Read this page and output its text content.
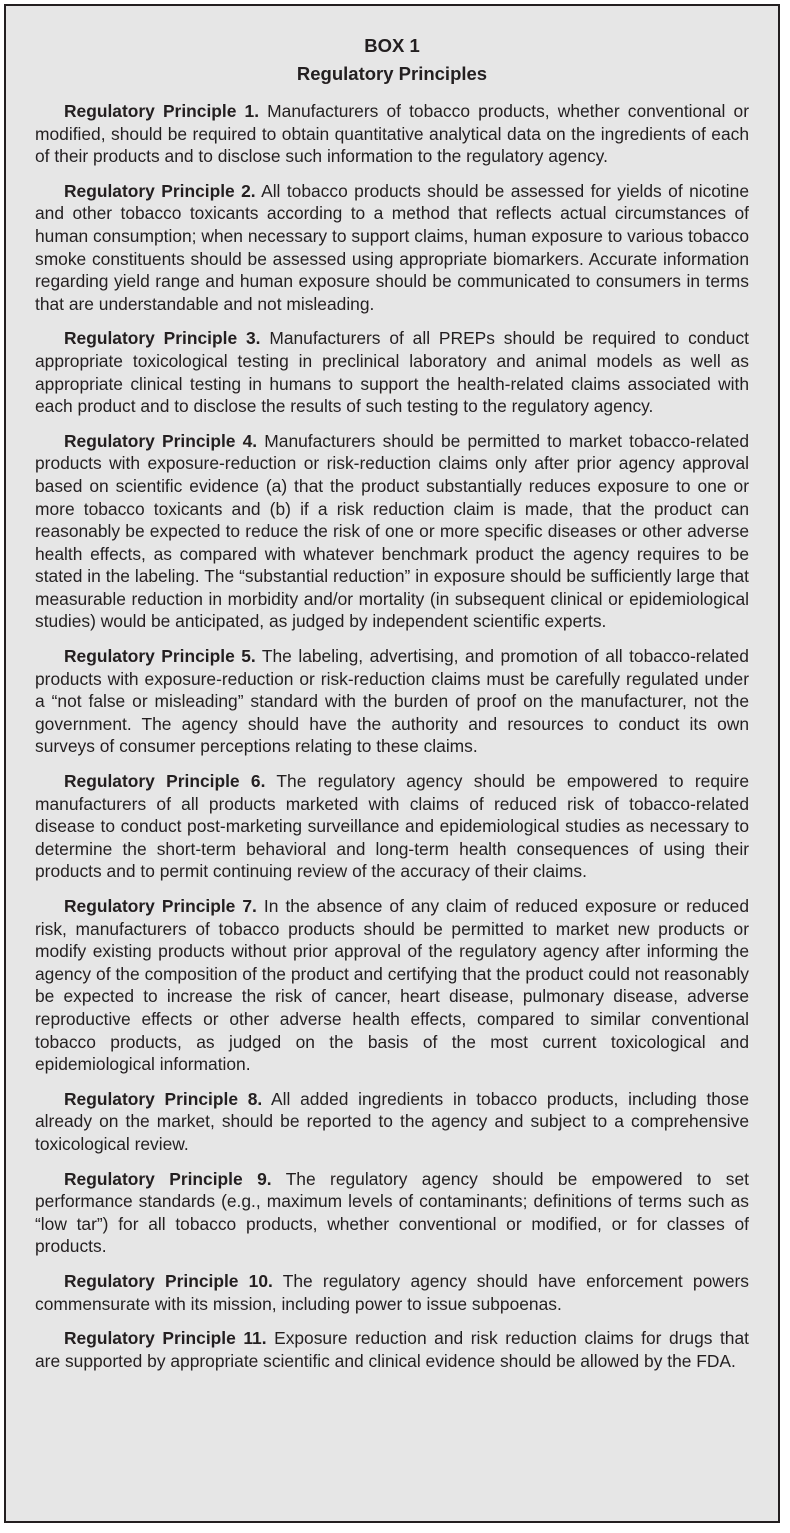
BOX 1

Regulatory Principles

Regulatory Principle 1. Manufacturers of tobacco products, whether conventional or modified, should be required to obtain quantitative analytical data on the ingredients of each of their products and to disclose such information to the regulatory agency.

Regulatory Principle 2. All tobacco products should be assessed for yields of nicotine and other tobacco toxicants according to a method that reflects actual circumstances of human consumption; when necessary to support claims, human exposure to various tobacco smoke constituents should be assessed using appropriate biomarkers. Accurate information regarding yield range and human exposure should be communicated to consumers in terms that are understandable and not misleading.

Regulatory Principle 3. Manufacturers of all PREPs should be required to conduct appropriate toxicological testing in preclinical laboratory and animal models as well as appropriate clinical testing in humans to support the health-related claims associated with each product and to disclose the results of such testing to the regulatory agency.

Regulatory Principle 4. Manufacturers should be permitted to market tobacco-related products with exposure-reduction or risk-reduction claims only after prior agency approval based on scientific evidence (a) that the product substantially reduces exposure to one or more tobacco toxicants and (b) if a risk reduction claim is made, that the product can reasonably be expected to reduce the risk of one or more specific diseases or other adverse health effects, as compared with whatever benchmark product the agency requires to be stated in the labeling. The “substantial reduction” in exposure should be sufficiently large that measurable reduction in morbidity and/or mortality (in subsequent clinical or epidemiological studies) would be anticipated, as judged by independent scientific experts.

Regulatory Principle 5. The labeling, advertising, and promotion of all tobacco-related products with exposure-reduction or risk-reduction claims must be carefully regulated under a “not false or misleading” standard with the burden of proof on the manufacturer, not the government. The agency should have the authority and resources to conduct its own surveys of consumer perceptions relating to these claims.

Regulatory Principle 6. The regulatory agency should be empowered to require manufacturers of all products marketed with claims of reduced risk of tobacco-related disease to conduct post-marketing surveillance and epidemiological studies as necessary to determine the short-term behavioral and long-term health consequences of using their products and to permit continuing review of the accuracy of their claims.

Regulatory Principle 7. In the absence of any claim of reduced exposure or reduced risk, manufacturers of tobacco products should be permitted to market new products or modify existing products without prior approval of the regulatory agency after informing the agency of the composition of the product and certifying that the product could not reasonably be expected to increase the risk of cancer, heart disease, pulmonary disease, adverse reproductive effects or other adverse health effects, compared to similar conventional tobacco products, as judged on the basis of the most current toxicological and epidemiological information.

Regulatory Principle 8. All added ingredients in tobacco products, including those already on the market, should be reported to the agency and subject to a comprehensive toxicological review.

Regulatory Principle 9. The regulatory agency should be empowered to set performance standards (e.g., maximum levels of contaminants; definitions of terms such as “low tar”) for all tobacco products, whether conventional or modified, or for classes of products.

Regulatory Principle 10. The regulatory agency should have enforcement powers commensurate with its mission, including power to issue subpoenas.

Regulatory Principle 11. Exposure reduction and risk reduction claims for drugs that are supported by appropriate scientific and clinical evidence should be allowed by the FDA.
